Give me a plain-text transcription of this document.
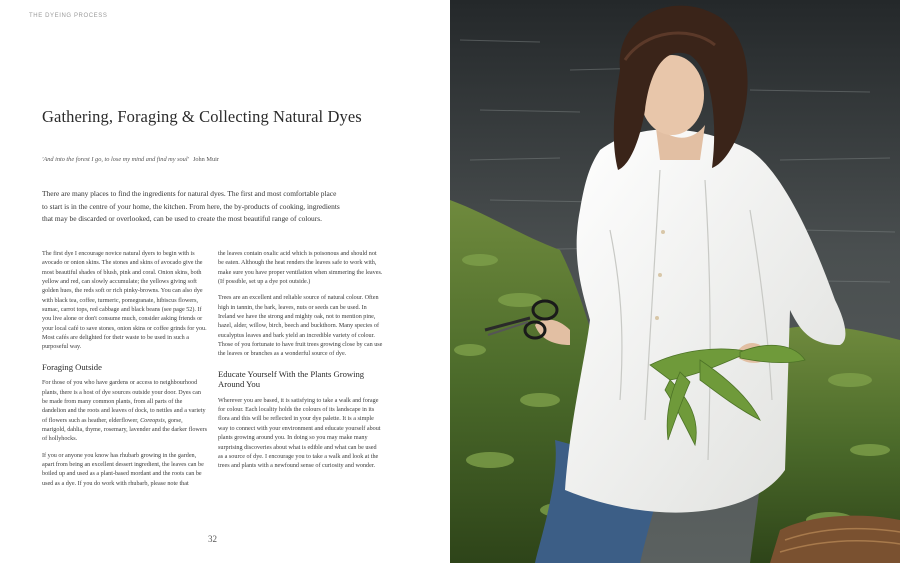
THE DYEING PROCESS
Gathering, Foraging & Collecting Natural Dyes
'And into the forest I go, to lose my mind and find my soul' John Muir
There are many places to find the ingredients for natural dyes. The first and most comfortable place to start is in the centre of your home, the kitchen. From here, the by-products of cooking, ingredients that may be discarded or overlooked, can be used to create the most beautiful range of colours.

The first dye I encourage novice natural dyers to begin with is avocado or onion skins. The stones and skins of avocado give the most beautiful shades of blush, pink and coral. Onion skins, both yellow and red, can slowly accumulate; the yellows giving soft golden hues, the reds soft or rich pinky-browns. You can also dye with black tea, coffee, turmeric, pomegranate, hibiscus flowers, sumac, carrot tops, red cabbage and black beans (see page 52). If you live alone or don't consume much, consider asking friends or your local café to save stones, onion skins or coffee grinds for you. Most cafés are delighted for their waste to be used in such a purposeful way.

Foraging Outside

For those of you who have gardens or access to neighbourhood plants, there is a host of dye sources outside your door. Dyes can be made from many common plants, from all parts of the dandelion and the roots and leaves of dock, to nettles and a variety of flowers such as heather, elderflower, Coreopsis, gorse, marigold, dahlia, thyme, rosemary, lavender and the darker flowers of hollyhocks.

If you or anyone you know has rhubarb growing in the garden, apart from being an excellent dessert ingredient, the leaves can be boiled up and used as a plant-based mordant and the roots can be used as a dye. If you do work with rhubarb, please note that

the leaves contain oxalic acid which is poisonous and should not be eaten. Although the heat renders the leaves safe to work with, make sure you have proper ventilation when simmering the leaves. (If possible, set up a dye pot outside.)

Trees are an excellent and reliable source of natural colour. Often high in tannin, the bark, leaves, nuts or seeds can be used. In Ireland we have the strong and mighty oak, not to mention pine, hazel, alder, willow, birch, beech and buckthorn. Many species of eucalyptus leaves and bark yield an incredible variety of colour. Those of you fortunate to have fruit trees growing close by can use the leaves or branches as a wonderful source of dye.

Educate Yourself With the Plants Growing Around You

Wherever you are based, it is satisfying to take a walk and forage for colour. Each locality holds the colours of its landscape in its flora and this will be reflected in your dye palette. It is a simple way to connect with your environment and educate yourself about plants growing around you. In doing so you may make many surprising discoveries about what is edible and what can be used as a source of dye. I encourage you to take a walk and look at the trees and plants with a newfound sense of curiosity and wonder.

32
